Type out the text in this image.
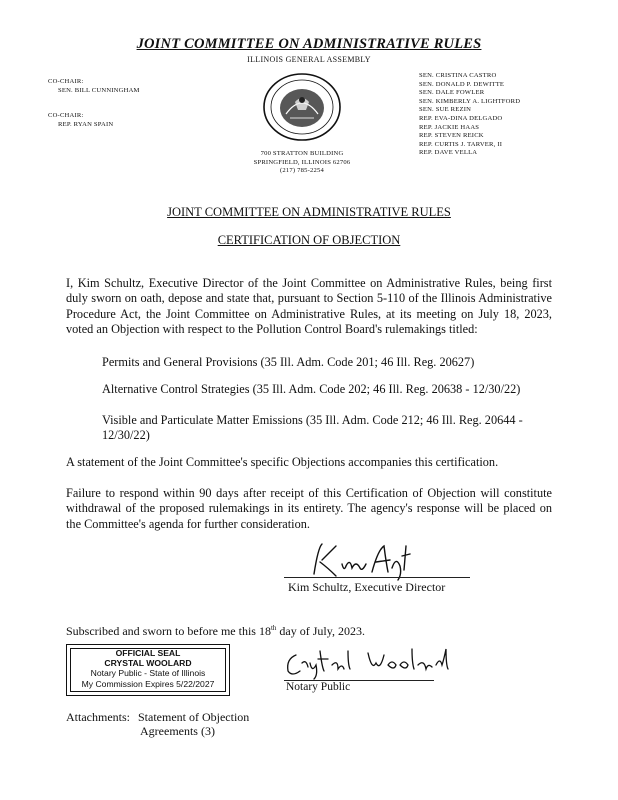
JOINT COMMITTEE ON ADMINISTRATIVE RULES
ILLINOIS GENERAL ASSEMBLY
CO-CHAIR:
SEN. BILL CUNNINGHAM
CO-CHAIR:
REP. RYAN SPAIN
SEN. CRISTINA CASTRO
SEN. DONALD P. DEWITTE
SEN. DALE FOWLER
SEN. KIMBERLY A. LIGHTFORD
SEN. SUE REZIN
REP. EVA-DINA DELGADO
REP. JACKIE HAAS
REP. STEVEN REICK
REP. CURTIS J. TARVER, II
REP. DAVE VELLA
700 STRATTON BUILDING
SPRINGFIELD, ILLINOIS 62706
(217) 785-2254
JOINT COMMITTEE ON ADMINISTRATIVE RULES
CERTIFICATION OF OBJECTION
I, Kim Schultz, Executive Director of the Joint Committee on Administrative Rules, being first duly sworn on oath, depose and state that, pursuant to Section 5-110 of the Illinois Administrative Procedure Act, the Joint Committee on Administrative Rules, at its meeting on July 18, 2023, voted an Objection with respect to the Pollution Control Board's rulemakings titled:
Permits and General Provisions (35 Ill. Adm. Code 201; 46 Ill. Reg. 20627)
Alternative Control Strategies (35 Ill. Adm. Code 202; 46 Ill. Reg. 20638 - 12/30/22)
Visible and Particulate Matter Emissions (35 Ill. Adm. Code 212; 46 Ill. Reg. 20644 - 12/30/22)
A statement of the Joint Committee's specific Objections accompanies this certification.
Failure to respond within 90 days after receipt of this Certification of Objection will constitute withdrawal of the proposed rulemakings in its entirety. The agency's response will be placed on the Committee's agenda for further consideration.
Kim Schultz, Executive Director
Subscribed and sworn to before me this 18th day of July, 2023.
OFFICIAL SEAL
CRYSTAL WOOLARD
Notary Public - State of Illinois
My Commission Expires 5/22/2027	Notary Public
Attachments: Statement of Objection
Agreements (3)
